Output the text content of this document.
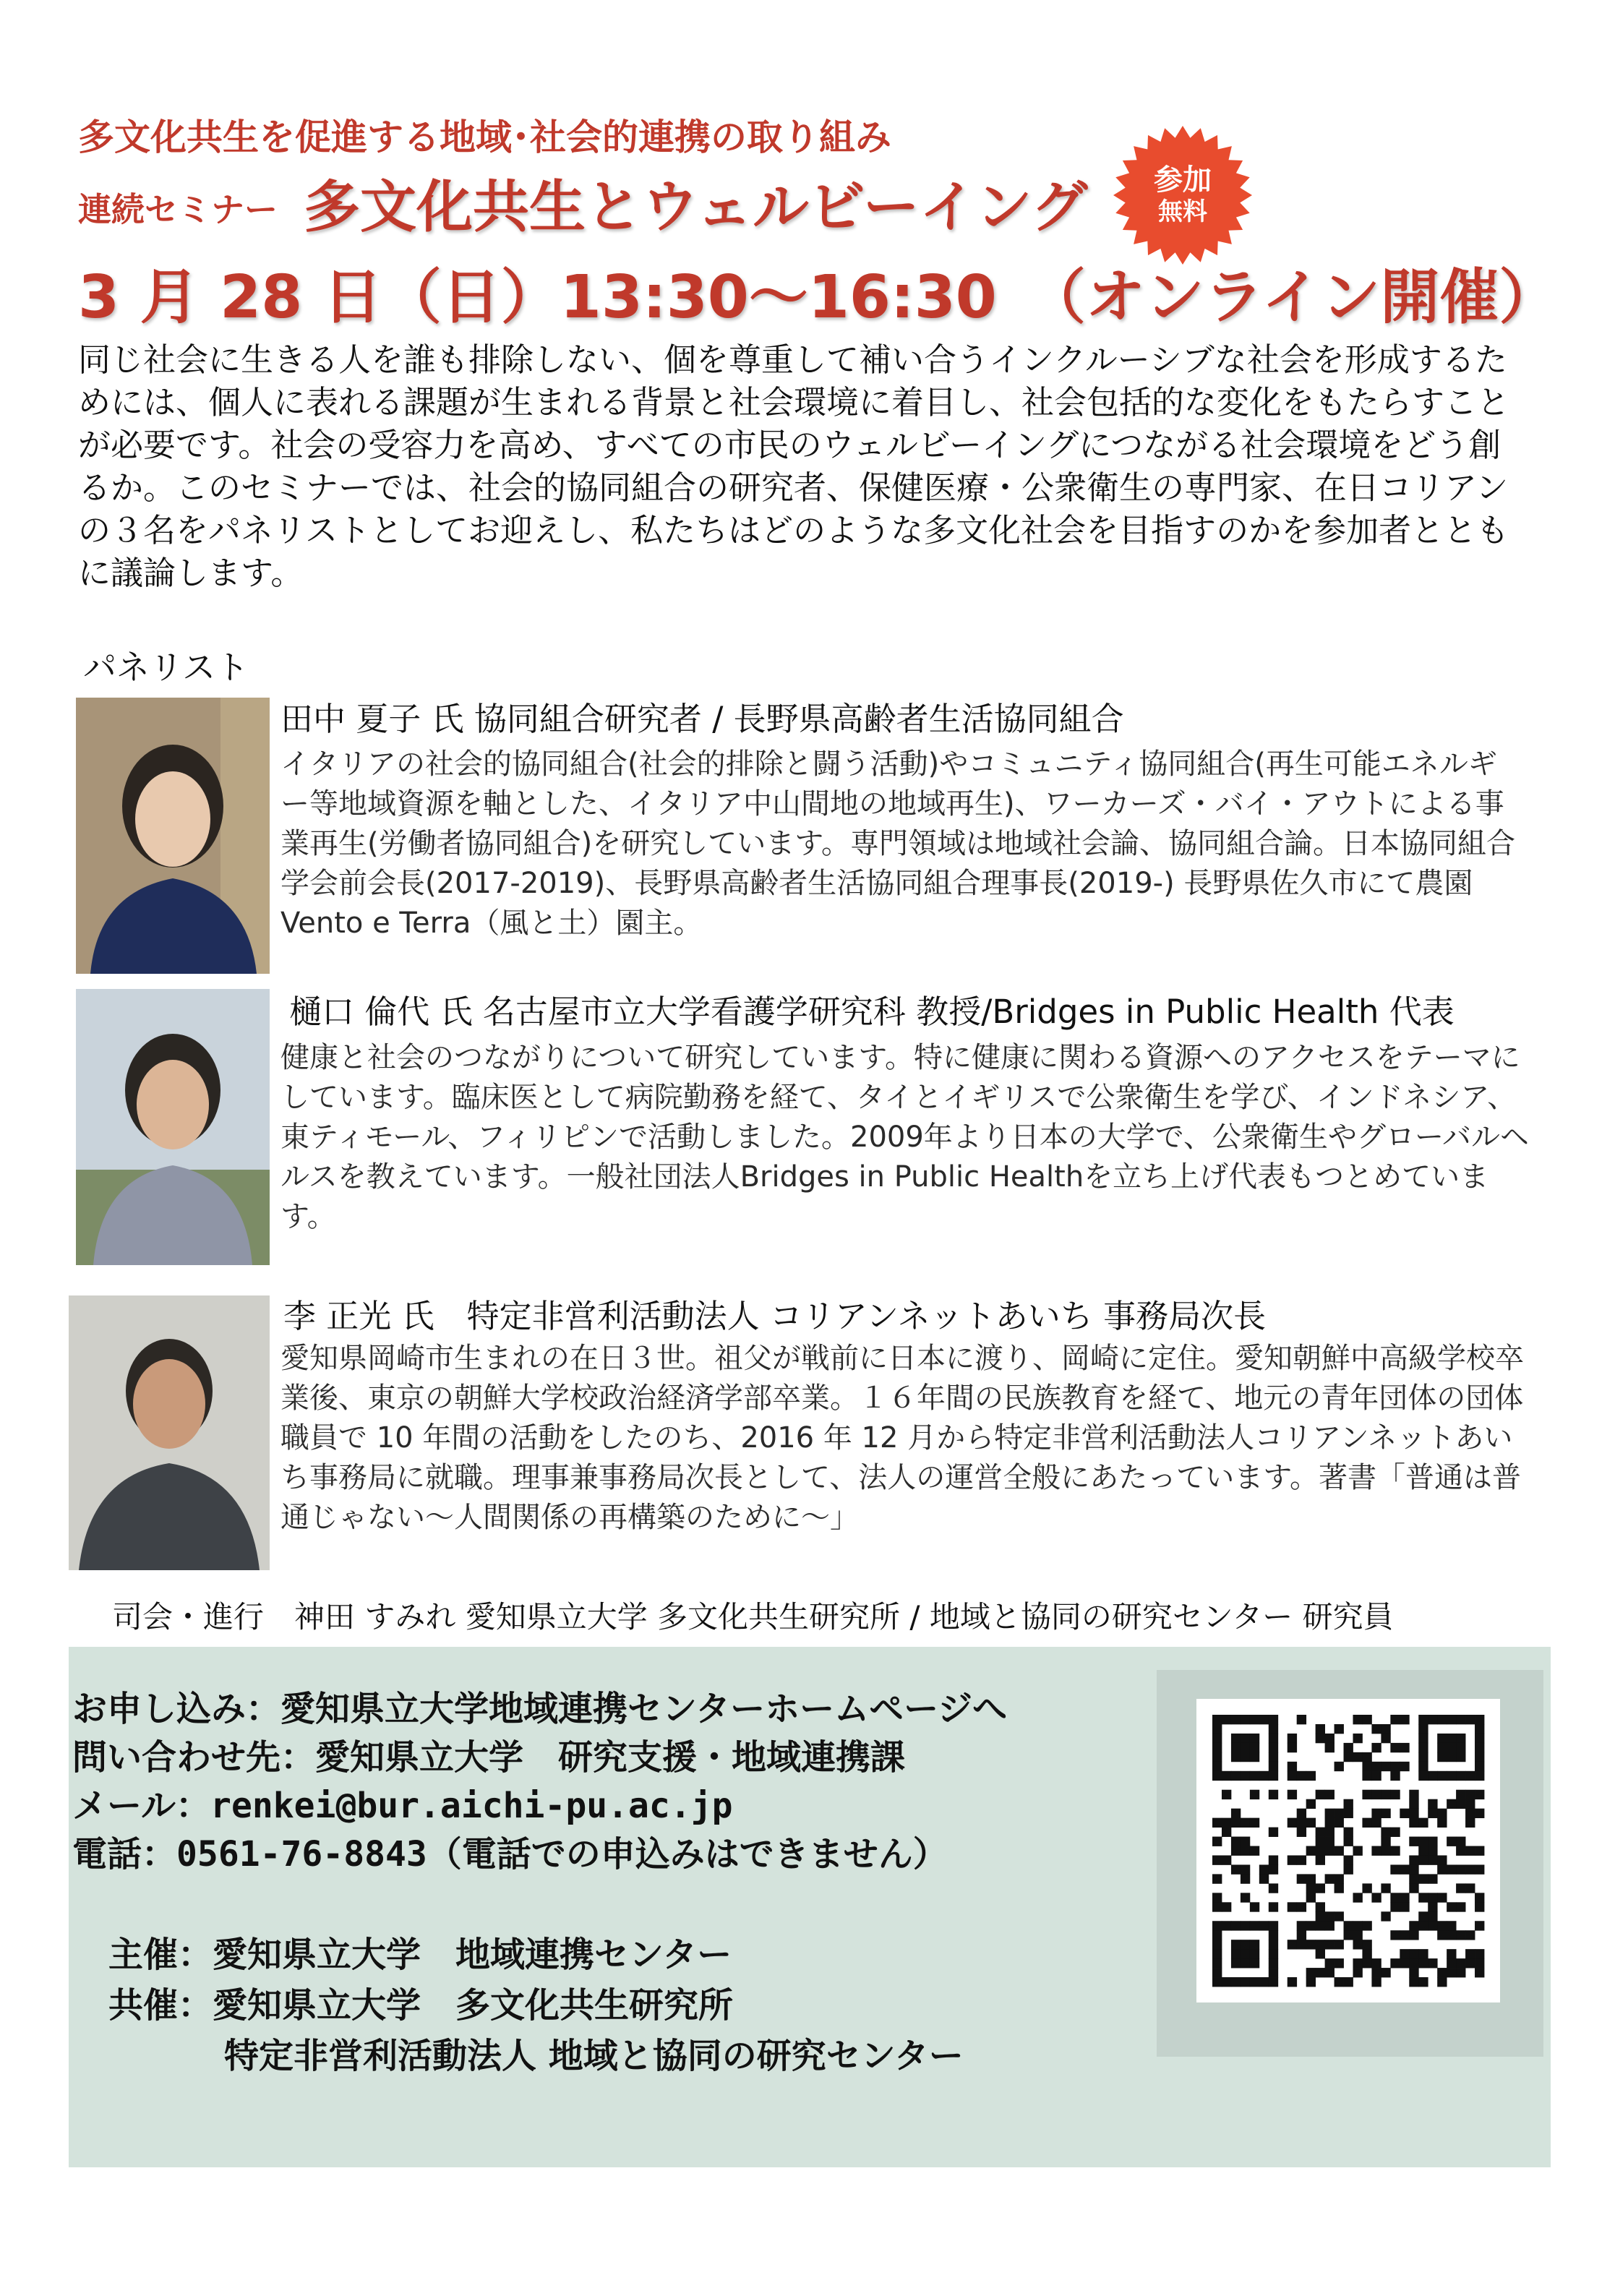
多文化共生を促進する地域･社会的連携の取り組み
連続セミナー 多文化共生とウェルビーイング 参加
無料
3 月 28 日（日）13:30～16:30　（オンライン開催）
同じ社会に生きる人を誰も排除しない、個を尊重して補い合うインクルーシブな社会を形成するためには、個人に表れる課題が生まれる背景と社会環境に着目し、社会包括的な変化をもたらすことが必要です。社会の受容力を高め、すべての市民のウェルビーイングにつながる社会環境をどう創るか。このセミナーでは、社会的協同組合の研究者、保健医療・公衆衛生の専門家、在日コリアンの３名をパネリストとしてお迎えし、私たちはどのような多文化社会を目指すのかを参加者とともに議論します。
パネリスト
田中 夏子 氏 協同組合研究者 / 長野県高齢者生活協同組合
イタリアの社会的協同組合(社会的排除と闘う活動)やコミュニティ協同組合(再生可能エネルギー等地域資源を軸とした、イタリア中山間地の地域再生)、ワーカーズ・バイ・アウトによる事業再生(労働者協同組合)を研究しています。専門領域は地域社会論、協同組合論。日本協同組合学会前会長(2017-2019)、長野県高齢者生活協同組合理事長(2019-) 長野県佐久市にて農園 Vento e Terra（風と土）園主。
樋口 倫代 氏 名古屋市立大学看護学研究科 教授/Bridges in Public Health 代表
健康と社会のつながりについて研究しています。特に健康に関わる資源へのアクセスをテーマにしています。臨床医として病院勤務を経て、タイとイギリスで公衆衛生を学び、インドネシア、東ティモール、フィリピンで活動しました。2009年より日本の大学で、公衆衛生やグローバルヘルスを教えています。一般社団法人Bridges in Public Healthを立ち上げ代表もつとめています。
李 正光 氏　特定非営利活動法人 コリアンネットあいち 事務局次長
愛知県岡崎市生まれの在日３世。祖父が戦前に日本に渡り、岡崎に定住。愛知朝鮮中高級学校卒業後、東京の朝鮮大学校政治経済学部卒業。１６年間の民族教育を経て、地元の青年団体の団体職員で 10 年間の活動をしたのち、2016 年 12 月から特定非営利活動法人コリアンネットあいち事務局に就職。理事兼事務局次長として、法人の運営全般にあたっています。著書「普通は普通じゃない～人間関係の再構築のために～」
司会・進行　神田 すみれ 愛知県立大学 多文化共生研究所 / 地域と協同の研究センター 研究員
お申し込み：愛知県立大学地域連携センターホームページへ
問い合わせ先：愛知県立大学　研究支援・地域連携課
メール：renkei@bur.aichi-pu.ac.jp
電話：0561-76-8843（電話での申込みはできません）
主催：愛知県立大学　地域連携センター
共催：愛知県立大学　多文化共生研究所
特定非営利活動法人 地域と協同の研究センター
